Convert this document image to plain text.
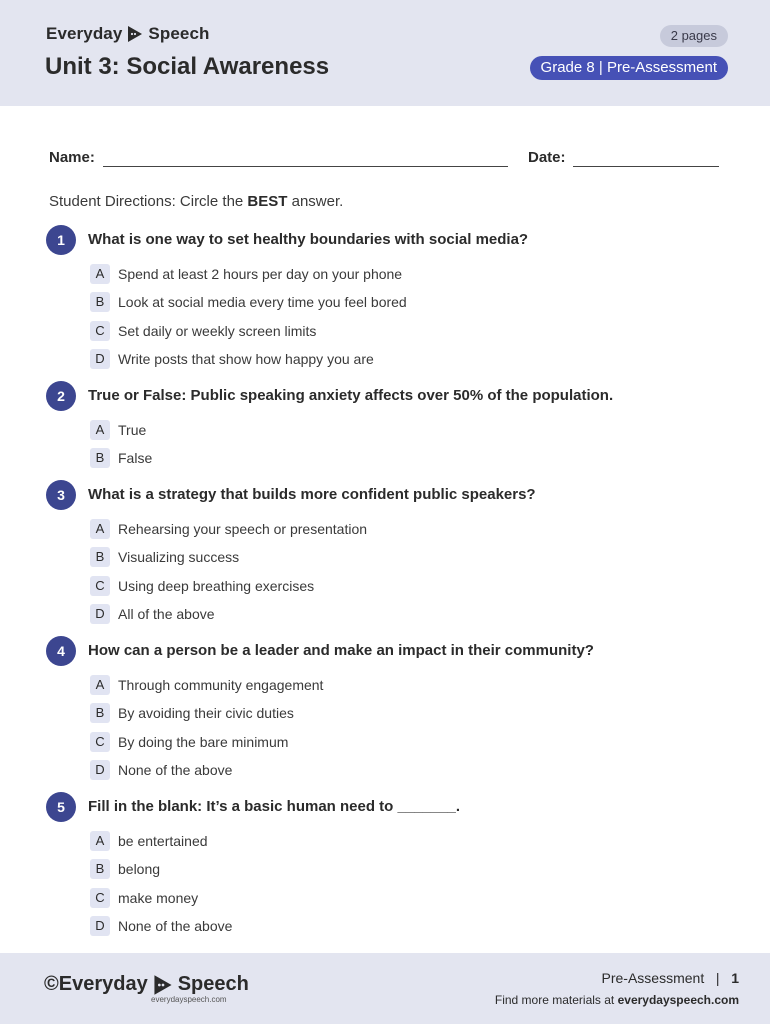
Everyday Speech
Unit 3: Social Awareness
2 pages
Grade 8 | Pre-Assessment
Name:	Date:
Student Directions: Circle the BEST answer.
1	What is one way to set healthy boundaries with social media?
A Spend at least 2 hours per day on your phone
B Look at social media every time you feel bored
C Set daily or weekly screen limits
D Write posts that show how happy you are
2	True or False: Public speaking anxiety affects over 50% of the population.
A True
B False
3	What is a strategy that builds more confident public speakers?
A Rehearsing your speech or presentation
B Visualizing success
C Using deep breathing exercises
D All of the above
4	How can a person be a leader and make an impact in their community?
A Through community engagement
B By avoiding their civic duties
C By doing the bare minimum
D None of the above
5	Fill in the blank: It’s a basic human need to _______.
A be entertained
B belong
C make money
D None of the above
©Everyday Speech
everydayspeech.com
Pre-Assessment | 1
Find more materials at everydayspeech.com
